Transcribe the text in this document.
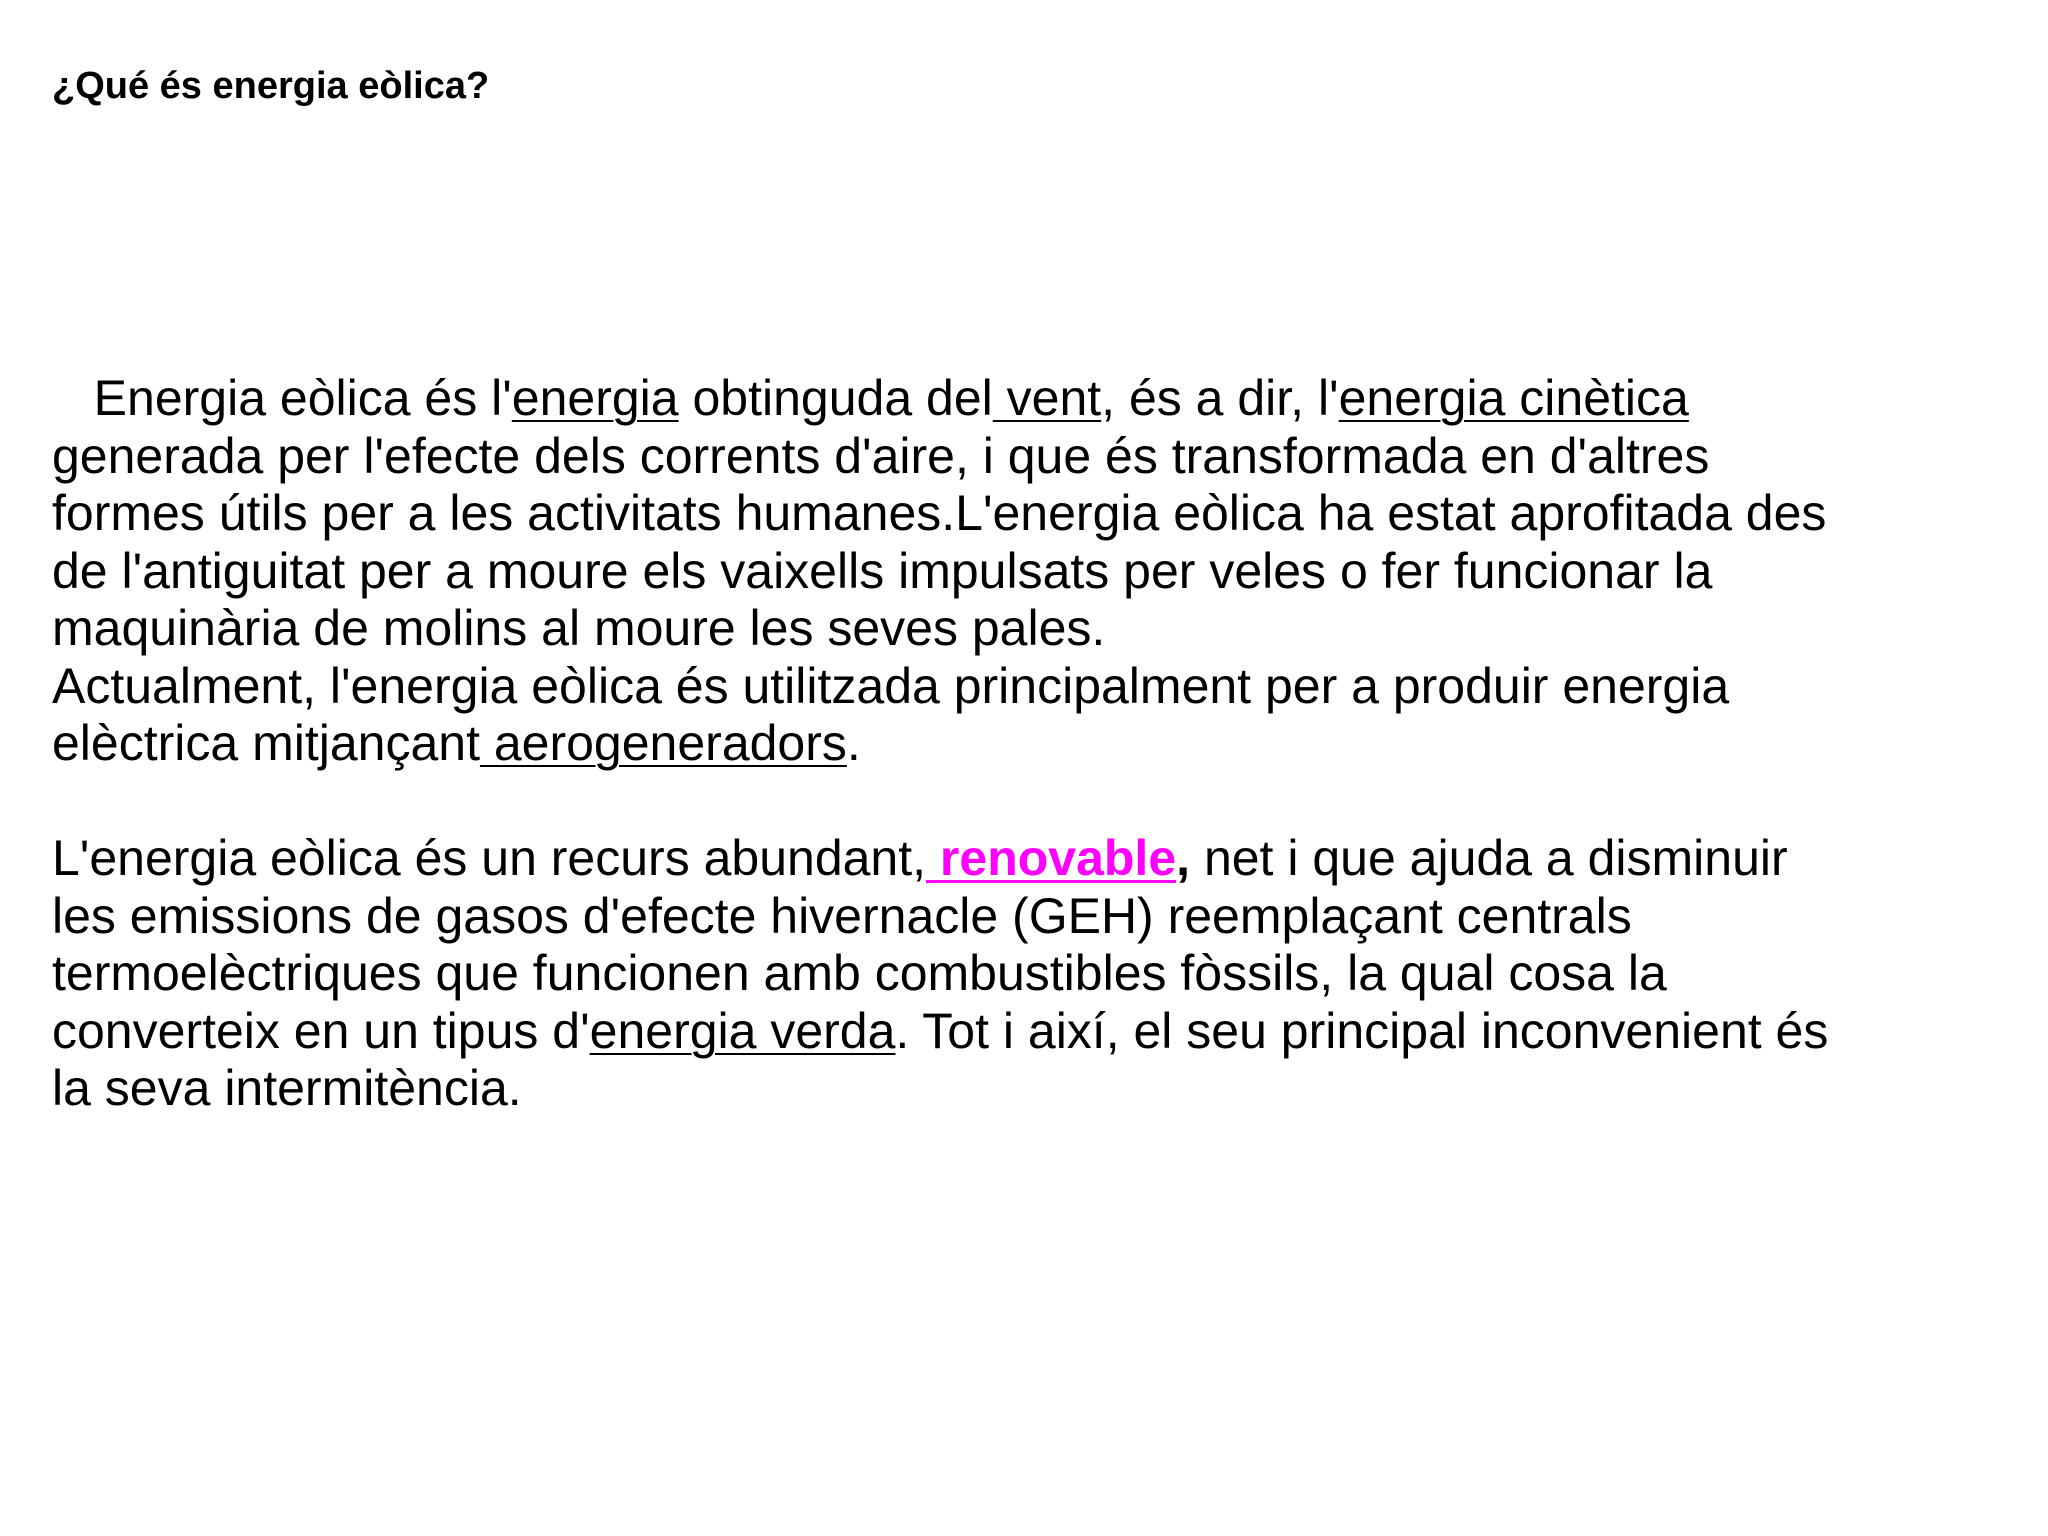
¿Qué és energia eòlica?
Energia eòlica és l'energia obtinguda del vent, és a dir, l'energia cinètica
generada per l'efecte dels corrents d'aire, i que és transformada en d'altres
formes útils per a les activitats humanes.L'energia eòlica ha estat aprofitada des
de l'antiguitat per a moure els vaixells impulsats per veles o fer funcionar la
maquinària de molins al moure les seves pales.
Actualment, l'energia eòlica és utilitzada principalment per a produir energia
elèctrica mitjançant aerogeneradors.
L'energia eòlica és un recurs abundant, renovable, net i que ajuda a disminuir
les emissions de gasos d'efecte hivernacle (GEH) reemplaçant centrals
termoelèctriques que funcionen amb combustibles fòssils, la qual cosa la
converteix en un tipus d'energia verda. Tot i així, el seu principal inconvenient és
la seva intermitència.
